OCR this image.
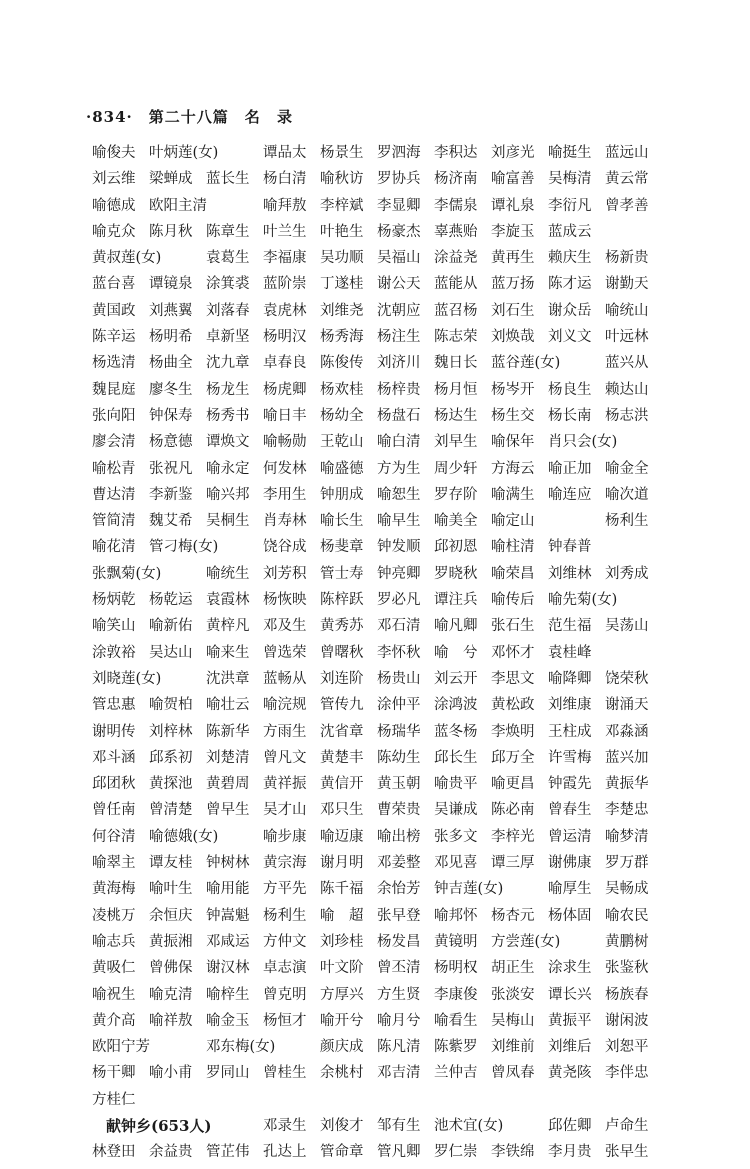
·834· 第二十八篇 名 录
喻俊夫 叶炳莲(女)	谭品太 杨景生 罗泗海 李积达 刘彦光 喻挺生 蓝远山
刘云维 梁蝉成 蓝长生 杨白清 喻秋访 罗协兵 杨济南 喻富善 吴梅清 黄云常
喻德成 欧阳主清	喻拜敖 李梓斌 李显卿 李儒泉 谭礼泉 李衍凡 曾孝善
喻克众 陈月秋 陈章生 叶兰生 叶艳生 杨豪杰 辜燕贻 李旋玉 蓝成云
黄叔莲(女)	袁葛生 李福康 吴功顺 吴福山 涂益尧 黄再生 赖庆生 杨新贵
蓝台喜 谭镜泉 涂箕裘 蓝阶崇 丁遂桂 谢公天 蓝能从 蓝万扬 陈才运 谢勤天
黄国政 刘燕翼 刘落春 袁虎林 刘维尧 沈朝应 蓝召杨 刘石生 谢众岳 喻统山
陈辛运 杨明希 卓新坚 杨明汉 杨秀海 杨注生 陈志荣 刘焕哉 刘义文 叶远林
杨选清 杨曲全 沈九章 卓春良 陈俊传 刘济川 魏日长 蓝谷莲(女)	蓝兴从
魏昆庭 廖冬生 杨龙生 杨虎卿 杨欢桂 杨梓贵 杨月恒 杨岑开 杨良生 赖达山
张向阳 钟保寿 杨秀书 喻日丰 杨幼全 杨盘石 杨达生 杨生交 杨长南 杨志洪
廖会清 杨意德 谭焕文 喻畅勋 王乾山 喻白清 刘早生 喻保年 肖只会(女)
喻松青 张祝凡 喻永定 何发林 喻盛德 方为生 周少轩 方海云 喻正加 喻金全
曹达清 李新鉴 喻兴邦 李用生 钟朋成 喻恕生 罗存阶 喻满生 喻连应 喻次道
管简清 魏艾希 吴桐生 肖寿林 喻长生 喻早生 喻美全 喻定山	杨利生
喻花清 管刁梅(女)	饶谷成 杨斐章 钟发顺 邱初恩 喻柱清 钟春普
张飘菊(女)	喻统生 刘芳积 管士寿 钟亮卿 罗晓秋 喻荣昌 刘维林 刘秀成
杨炳乾 杨乾运 袁霞林 杨恢映 陈梓跃 罗必凡 谭注兵 喻传后 喻先菊(女)
喻笑山 喻新佑 黄梓凡 邓及生 黄秀苏 邓石清 喻凡卿 张石生 范生福 吴荡山
涂敦裕 吴达山 喻来生 曾选荣 曾曙秋 李怀秋 喻　兮 邓怀才 袁桂峰
刘晓莲(女)	沈洪章 蓝畅从 刘连阶 杨贵山 刘云开 李思文 喻降卿 饶荣秋
管忠惠 喻贺柏 喻壮云 喻浣规 管传九 涂仲平 涂鸿波 黄松政 刘维康 谢涌天
谢明传 刘梓林 陈新华 方雨生 沈省章 杨瑞华 蓝冬杨 李焕明 王柱成 邓淼涵
邓斗涵 邱系初 刘楚清 曾凡文 黄楚丰 陈幼生 邱长生 邱万全 许雪梅 蓝兴加
邱团秋 黄探池 黄碧周 黄祥振 黄信开 黄玉朝 喻贵平 喻更昌 钟霞先 黄振华
曾任南 曾清楚 曾早生 吴才山 邓只生 曹荣贵 吴谦成 陈必南 曾春生 李楚忠
何谷清 喻德娥(女)	喻步康 喻迈康 喻出榜 张多文 李梓光 曾运清 喻梦清
喻翠主 谭友桂 钟树林 黄宗海 谢月明 邓姜整 邓见喜 谭三厚 谢佛康 罗万群
黄海梅 喻叶生 喻用能 方平先 陈千福 余怡芳 钟吉莲(女)	喻厚生 吴畅成
凌桃万 余恒庆 钟嵩魁 杨利生 喻　超 张早登 喻邦怀 杨杏元 杨体固 喻农民
喻志兵 黄振湘 邓咸运 方仲文 刘珍桂 杨发昌 黄镜明 方尝莲(女)	黄鹏树
黄吸仁 曾佛保 谢汉林 卓志演 叶文阶 曾丕清 杨明权 胡正生 涂求生 张鉴秋
喻祝生 喻克清 喻梓生 曾克明 方厚兴 方生贤 李康俊 张淡安 谭长兴 杨族春
黄介高 喻祥敖 喻金玉 杨恒才 喻开兮 喻月兮 喻看生 吴梅山 黄振平 谢闲波
欧阳宁芳	邓东梅(女)	颜庆成 陈凡清 陈紫罗 刘维前 刘维后 刘恕平
杨干卿 喻小甫 罗同山 曾桂生 余桃村 邓吉清 兰仲吉 曾凤春 黄尧陔 李伴忠
方桂仁
献钟乡(653人)	邓录生 刘俊才 邹有生 池术宜(女)	邱佐卿 卢命生
林登田 余益贵 管芷伟 孔达上 管命章 管凡卿 罗仁崇 李铁绵 李月贵 张早生
